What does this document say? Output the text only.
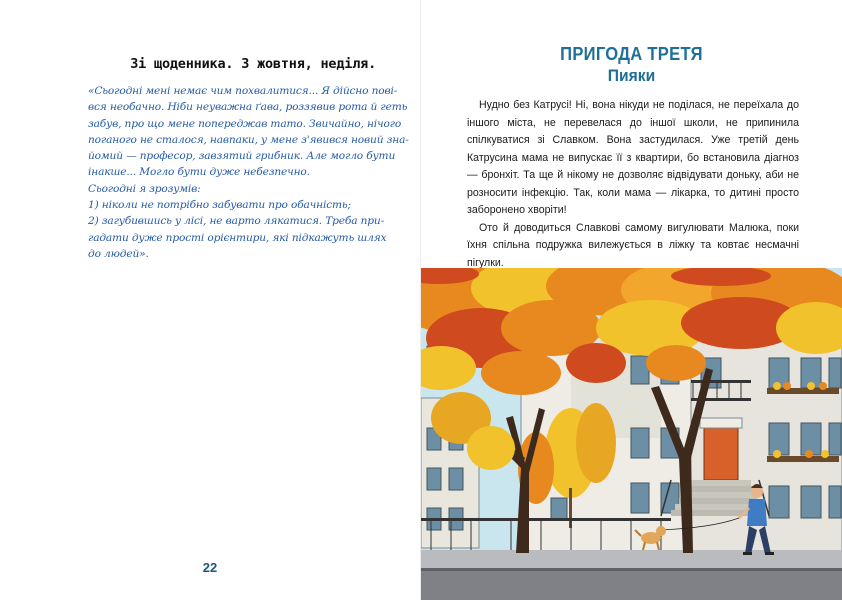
Зі щоденника. 3 жовтня, неділя.
«Сьогодні мені немає чим похвалитися... Я дійсно пові-
вся необачно. Ніби неуважна ґава, роззявив рота й геть
забув, про що мене попереджав тато. Звичайно, нічого
поганого не сталося, навпаки, у мене з'явився новий зна-
йомий — професор, завзятий грибник. Але могло бути
інакше... Могло бути дуже небезпечно.
Сьогодні я зрозумів:
1) ніколи не потрібно забувати про обачність;
2) загубившись у лісі, не варто лякатися. Треба при-
гадати дуже прості орієнтири, які підкажуть шлях
до людей».
22
ПРИГОДА ТРЕТЯ
Пияки

Нудно без Катрусі! Ні, вона нікуди не поділася, не переїхала до іншого міста, не перевелася до іншої школи, не припинила спілкуватися зі Славком. Вона застудилася. Уже третій день Катрусина мама не випускає її з квартири, бо встановила діагноз — бронхіт. Та ще й нікому не дозволяє відвідувати доньку, аби не розносити інфекцію. Так, коли мама — лікарка, то дитині просто заборонено хворіти!

Ото й доводиться Славкові самому вигулювати Малюка, поки їхня спільна подружка вилежується в ліжку та ковтає несмачні пігулки.
